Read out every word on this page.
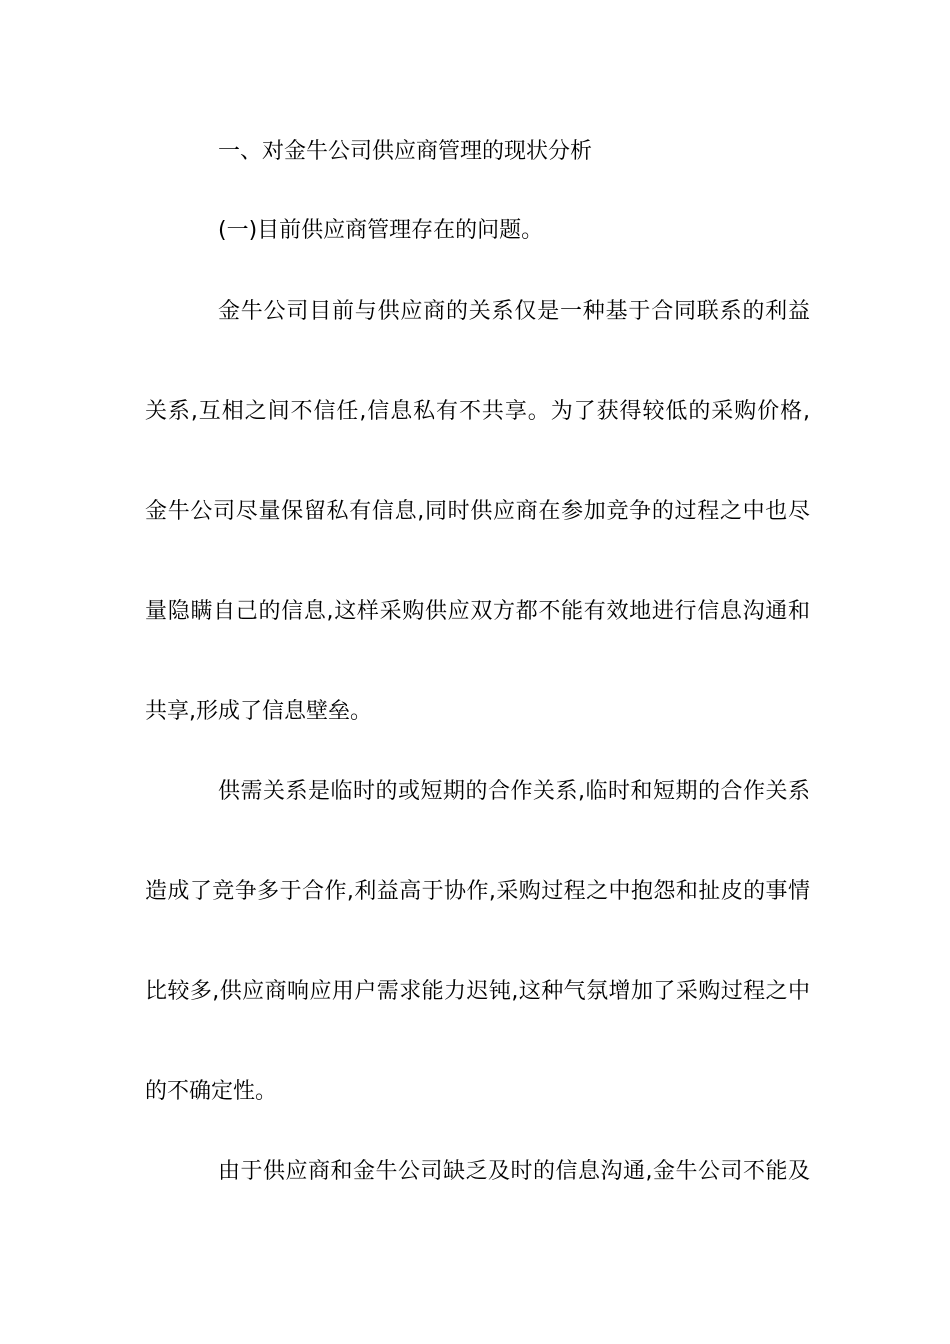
一、对金牛公司供应商管理的现状分析
(一)目前供应商管理存在的问题。
金牛公司目前与供应商的关系仅是一种基于合同联系的利益
关系,互相之间不信任,信息私有不共享。为了获得较低的采购价格,
金牛公司尽量保留私有信息,同时供应商在参加竞争的过程之中也尽
量隐瞒自己的信息,这样采购供应双方都不能有效地进行信息沟通和
共享,形成了信息壁垒。
供需关系是临时的或短期的合作关系,临时和短期的合作关系
造成了竞争多于合作,利益高于协作,采购过程之中抱怨和扯皮的事情
比较多,供应商响应用户需求能力迟钝,这种气氛增加了采购过程之中
的不确定性。
由于供应商和金牛公司缺乏及时的信息沟通,金牛公司不能及
